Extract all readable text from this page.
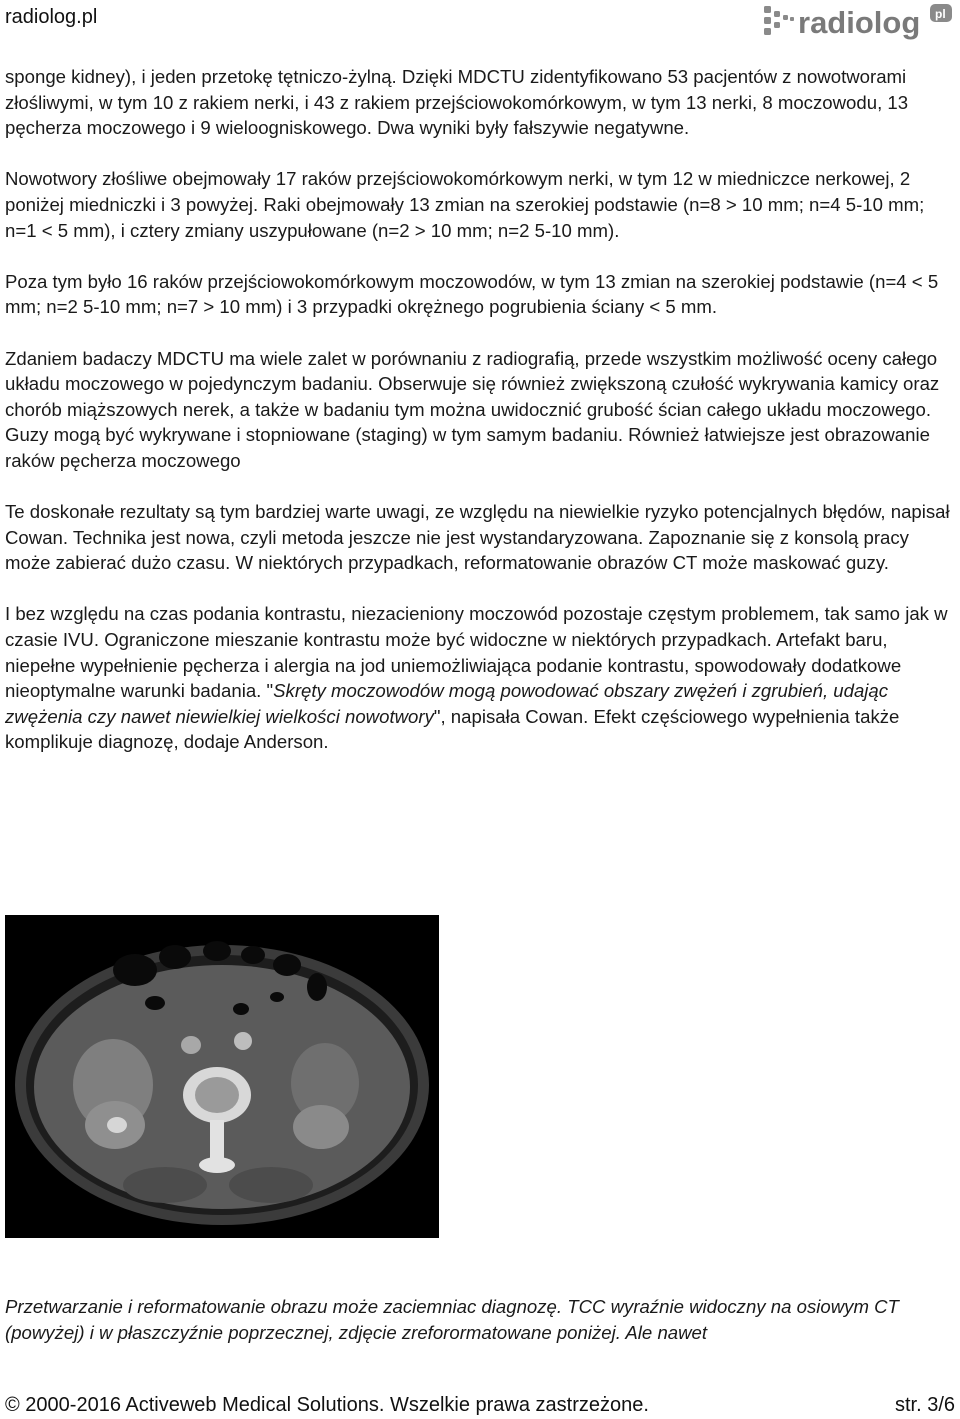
radiolog.pl	radiolog pl

sponge kidney), i jeden przetokę tętniczo-żylną. Dzięki MDCTU zidentyfikowano 53 pacjentów z nowotworami złośliwymi, w tym 10 z rakiem nerki, i 43 z rakiem przejściowokomórkowym, w tym 13 nerki, 8 moczowodu, 13 pęcherza moczowego i 9 wieloogniskowego. Dwa wyniki były fałszywie negatywne.

Nowotwory złośliwe obejmowały 17 raków przejściowokomórkowym nerki, w tym 12 w miedniczce nerkowej, 2 poniżej miedniczki i 3 powyżej. Raki obejmowały 13 zmian na szerokiej podstawie (n=8 > 10 mm; n=4 5-10 mm; n=1 < 5 mm), i cztery zmiany uszypułowane (n=2 > 10 mm; n=2 5-10 mm).

Poza tym było 16 raków przejściowokomórkowym moczowodów, w tym 13 zmian na szerokiej podstawie (n=4 < 5 mm; n=2 5-10 mm; n=7 > 10 mm) i 3 przypadki okrężnego pogrubienia ściany < 5 mm.

Zdaniem badaczy MDCTU ma wiele zalet w porównaniu z radiografią, przede wszystkim możliwość oceny całego układu moczowego w pojedynczym badaniu. Obserwuje się również zwiększoną czułość wykrywania kamicy oraz chorób miąższowych nerek, a także w badaniu tym można uwidocznić grubość ścian całego układu moczowego. Guzy mogą być wykrywane i stopniowane (staging) w tym samym badaniu. Również łatwiejsze jest obrazowanie raków pęcherza moczowego

Te doskonałe rezultaty są tym bardziej warte uwagi, ze względu na niewielkie ryzyko potencjalnych błędów, napisał Cowan. Technika jest nowa, czyli metoda jeszcze nie jest wystandaryzowana. Zapoznanie się z konsolą pracy może zabierać dużo czasu. W niektórych przypadkach, reformatowanie obrazów CT może maskować guzy.

I bez względu na czas podania kontrastu, niezacieniony moczowód pozostaje częstym problemem, tak samo jak w czasie IVU. Ograniczone mieszanie kontrastu może być widoczne w niektórych przypadkach. Artefakt baru, niepełne wypełnienie pęcherza i alergia na jod uniemożliwiająca podanie kontrastu, spowodowały dodatkowe nieoptymalne warunki badania. "Skręty moczowodów mogą powodować obszary zwężeń i zgrubień, udając zwężenia czy nawet niewielkiej wielkości nowotwory", napisała Cowan. Efekt częściowego wypełnienia także komplikuje diagnozę, dodaje Anderson.

Przetwarzanie i reformatowanie obrazu może zaciemniac diagnozę. TCC wyraźnie widoczny na osiowym CT (powyżej) i w płaszczyźnie poprzecznej, zdjęcie zreforormatowane poniżej. Ale nawet
© 2000-2016 Activeweb Medical Solutions. Wszelkie prawa zastrzeżone.	str. 3/6
